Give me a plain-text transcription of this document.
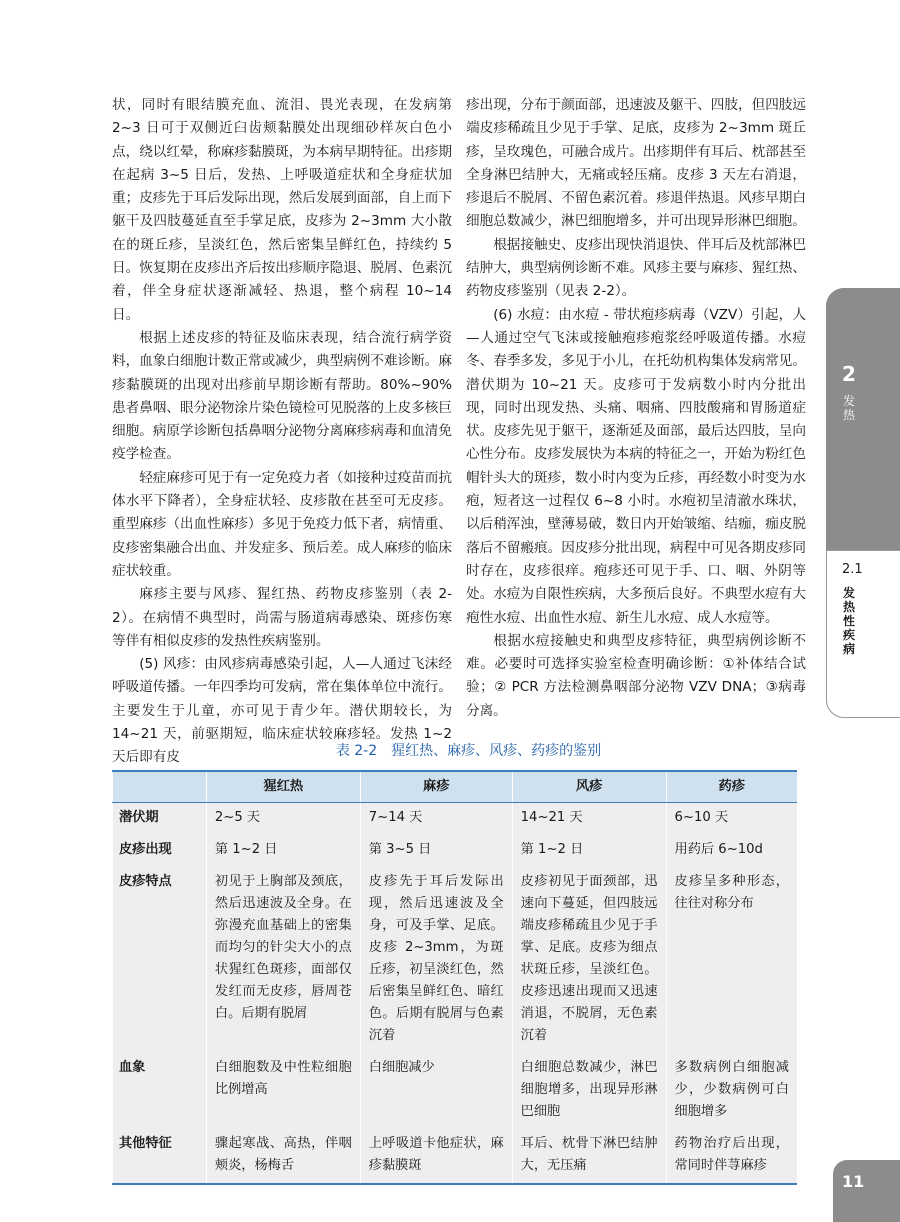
状，同时有眼结膜充血、流泪、畏光表现，在发病第 2~3 日可于双侧近臼齿颊黏膜处出现细砂样灰白色小点，绕以红晕，称麻疹黏膜斑，为本病早期特征。出疹期在起病 3~5 日后，发热、上呼吸道症状和全身症状加重；皮疹先于耳后发际出现，然后发展到面部，自上而下躯干及四肢蔓延直至手掌足底，皮疹为 2~3mm 大小散在的斑丘疹，呈淡红色，然后密集呈鲜红色，持续约 5 日。恢复期在皮疹出齐后按出疹顺序隐退、脱屑、色素沉着，伴全身症状逐渐减轻、热退，整个病程 10~14 日。

根据上述皮疹的特征及临床表现，结合流行病学资料，血象白细胞计数正常或减少，典型病例不难诊断。麻疹黏膜斑的出现对出疹前早期诊断有帮助。80%~90% 患者鼻咽、眼分泌物涂片染色镜检可见脱落的上皮多核巨细胞。病原学诊断包括鼻咽分泌物分离麻疹病毒和血清免疫学检查。

轻症麻疹可见于有一定免疫力者（如接种过疫苗而抗体水平下降者），全身症状轻、皮疹散在甚至可无皮疹。重型麻疹（出血性麻疹）多见于免疫力低下者，病情重、皮疹密集融合出血、并发症多、预后差。成人麻疹的临床症状较重。

麻疹主要与风疹、猩红热、药物皮疹鉴别（表 2-2）。在病情不典型时，尚需与肠道病毒感染、斑疹伤寒等伴有相似皮疹的发热性疾病鉴别。

(5) 风疹：由风疹病毒感染引起，人—人通过飞沫经呼吸道传播。一年四季均可发病，常在集体单位中流行。主要发生于儿童，亦可见于青少年。潜伏期较长，为 14~21 天，前驱期短，临床症状较麻疹轻。发热 1~2 天后即有皮

疹出现，分布于颜面部，迅速波及躯干、四肢，但四肢远端皮疹稀疏且少见于手掌、足底，皮疹为 2~3mm 斑丘疹，呈玫瑰色，可融合成片。出疹期伴有耳后、枕部甚至全身淋巴结肿大，无痛或轻压痛。皮疹 3 天左右消退，疹退后不脱屑、不留色素沉着。疹退伴热退。风疹早期白细胞总数减少，淋巴细胞增多，并可出现异形淋巴细胞。

根据接触史、皮疹出现快消退快、伴耳后及枕部淋巴结肿大，典型病例诊断不难。风疹主要与麻疹、猩红热、药物皮疹鉴别（见表 2-2）。

(6) 水痘：由水痘 - 带状疱疹病毒（VZV）引起，人—人通过空气飞沫或接触疱疹疱浆经呼吸道传播。水痘冬、春季多发，多见于小儿，在托幼机构集体发病常见。潜伏期为 10~21 天。皮疹可于发病数小时内分批出现，同时出现发热、头痛、咽痛、四肢酸痛和胃肠道症状。皮疹先见于躯干，逐渐延及面部，最后达四肢，呈向心性分布。皮疹发展快为本病的特征之一，开始为粉红色帽针头大的斑疹，数小时内变为丘疹，再经数小时变为水疱，短者这一过程仅 6~8 小时。水疱初呈清澈水珠状，以后稍浑浊，壁薄易破，数日内开始皱缩、结痂，痂皮脱落后不留瘢痕。因皮疹分批出现，病程中可见各期皮疹同时存在，皮疹很痒。疱疹还可见于手、口、咽、外阴等处。水痘为自限性疾病，大多预后良好。不典型水痘有大疱性水痘、出血性水痘、新生儿水痘、成人水痘等。

根据水痘接触史和典型皮疹特征，典型病例诊断不难。必要时可选择实验室检查明确诊断：①补体结合试验；② PCR 方法检测鼻咽部分泌物 VZV DNA；③病毒分离。

2
发热
2.1
发热性疾病
表 2-2　猩红热、麻疹、风疹、药疹的鉴别
	猩红热	麻疹	风疹	药疹
潜伏期	2~5 天	7~14 天	14~21 天	6~10 天
皮疹出现	第 1~2 日	第 3~5 日	第 1~2 日	用药后 6~10d
皮疹特点	初见于上胸部及颈底，然后迅速波及全身。在弥漫充血基础上的密集而均匀的针尖大小的点状猩红色斑疹，面部仅发红而无皮疹，唇周苍白。后期有脱屑	皮疹先于耳后发际出现，然后迅速波及全身，可及手掌、足底。皮疹 2~3mm，为斑丘疹，初呈淡红色，然后密集呈鲜红色、暗红色。后期有脱屑与色素沉着	皮疹初见于面颈部，迅速向下蔓延，但四肢远端皮疹稀疏且少见于手掌、足底。皮疹为细点状斑丘疹，呈淡红色。皮疹迅速出现而又迅速消退，不脱屑，无色素沉着	皮疹呈多种形态，往往对称分布
血象	白细胞数及中性粒细胞比例增高	白细胞减少	白细胞总数减少，淋巴细胞增多，出现异形淋巴细胞	多数病例白细胞减少，少数病例可白细胞增多
其他特征	骤起寒战、高热，伴咽颊炎，杨梅舌	上呼吸道卡他症状，麻疹黏膜斑	耳后、枕骨下淋巴结肿大，无压痛	药物治疗后出现，常同时伴荨麻疹
11
